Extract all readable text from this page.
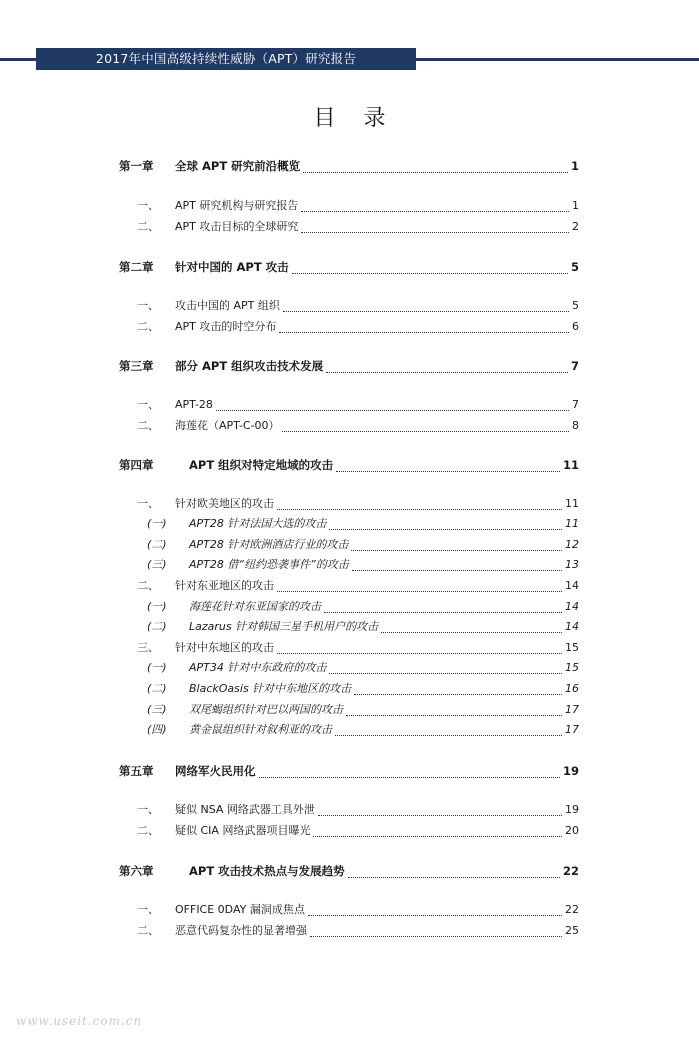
2017年中国高级持续性威胁（APT）研究报告
目 录
第一章	全球 APT 研究前沿概览	1
一、	APT 研究机构与研究报告	1
二、	APT 攻击目标的全球研究	2
第二章	针对中国的 APT 攻击	5
一、	攻击中国的 APT 组织	5
二、	APT 攻击的时空分布	6
第三章	部分 APT 组织攻击技术发展	7
一、	APT-28	7
二、	海莲花（APT-C-00）	8
第四章	APT 组织对特定地域的攻击	11
一、	针对欧美地区的攻击	11
(一)	APT28 针对法国大选的攻击	11
(二)	APT28 针对欧洲酒店行业的攻击	12
(三)	APT28 借“纽约恐袭事件”的攻击	13
二、	针对东亚地区的攻击	14
(一)	海莲花针对东亚国家的攻击	14
(二)	Lazarus 针对韩国三星手机用户的攻击	14
三、	针对中东地区的攻击	15
(一)	APT34 针对中东政府的攻击	15
(二)	BlackOasis 针对中东地区的攻击	16
(三)	双尾蝎组织针对巴以两国的攻击	17
(四)	黄金鼠组织针对叙利亚的攻击	17
第五章	网络军火民用化	19
一、	疑似 NSA 网络武器工具外泄	19
二、	疑似 CIA 网络武器项目曝光	20
第六章	APT 攻击技术热点与发展趋势	22
一、	OFFICE 0DAY 漏洞成焦点	22
二、	恶意代码复杂性的显著增强	25
www.useit.com.cn
